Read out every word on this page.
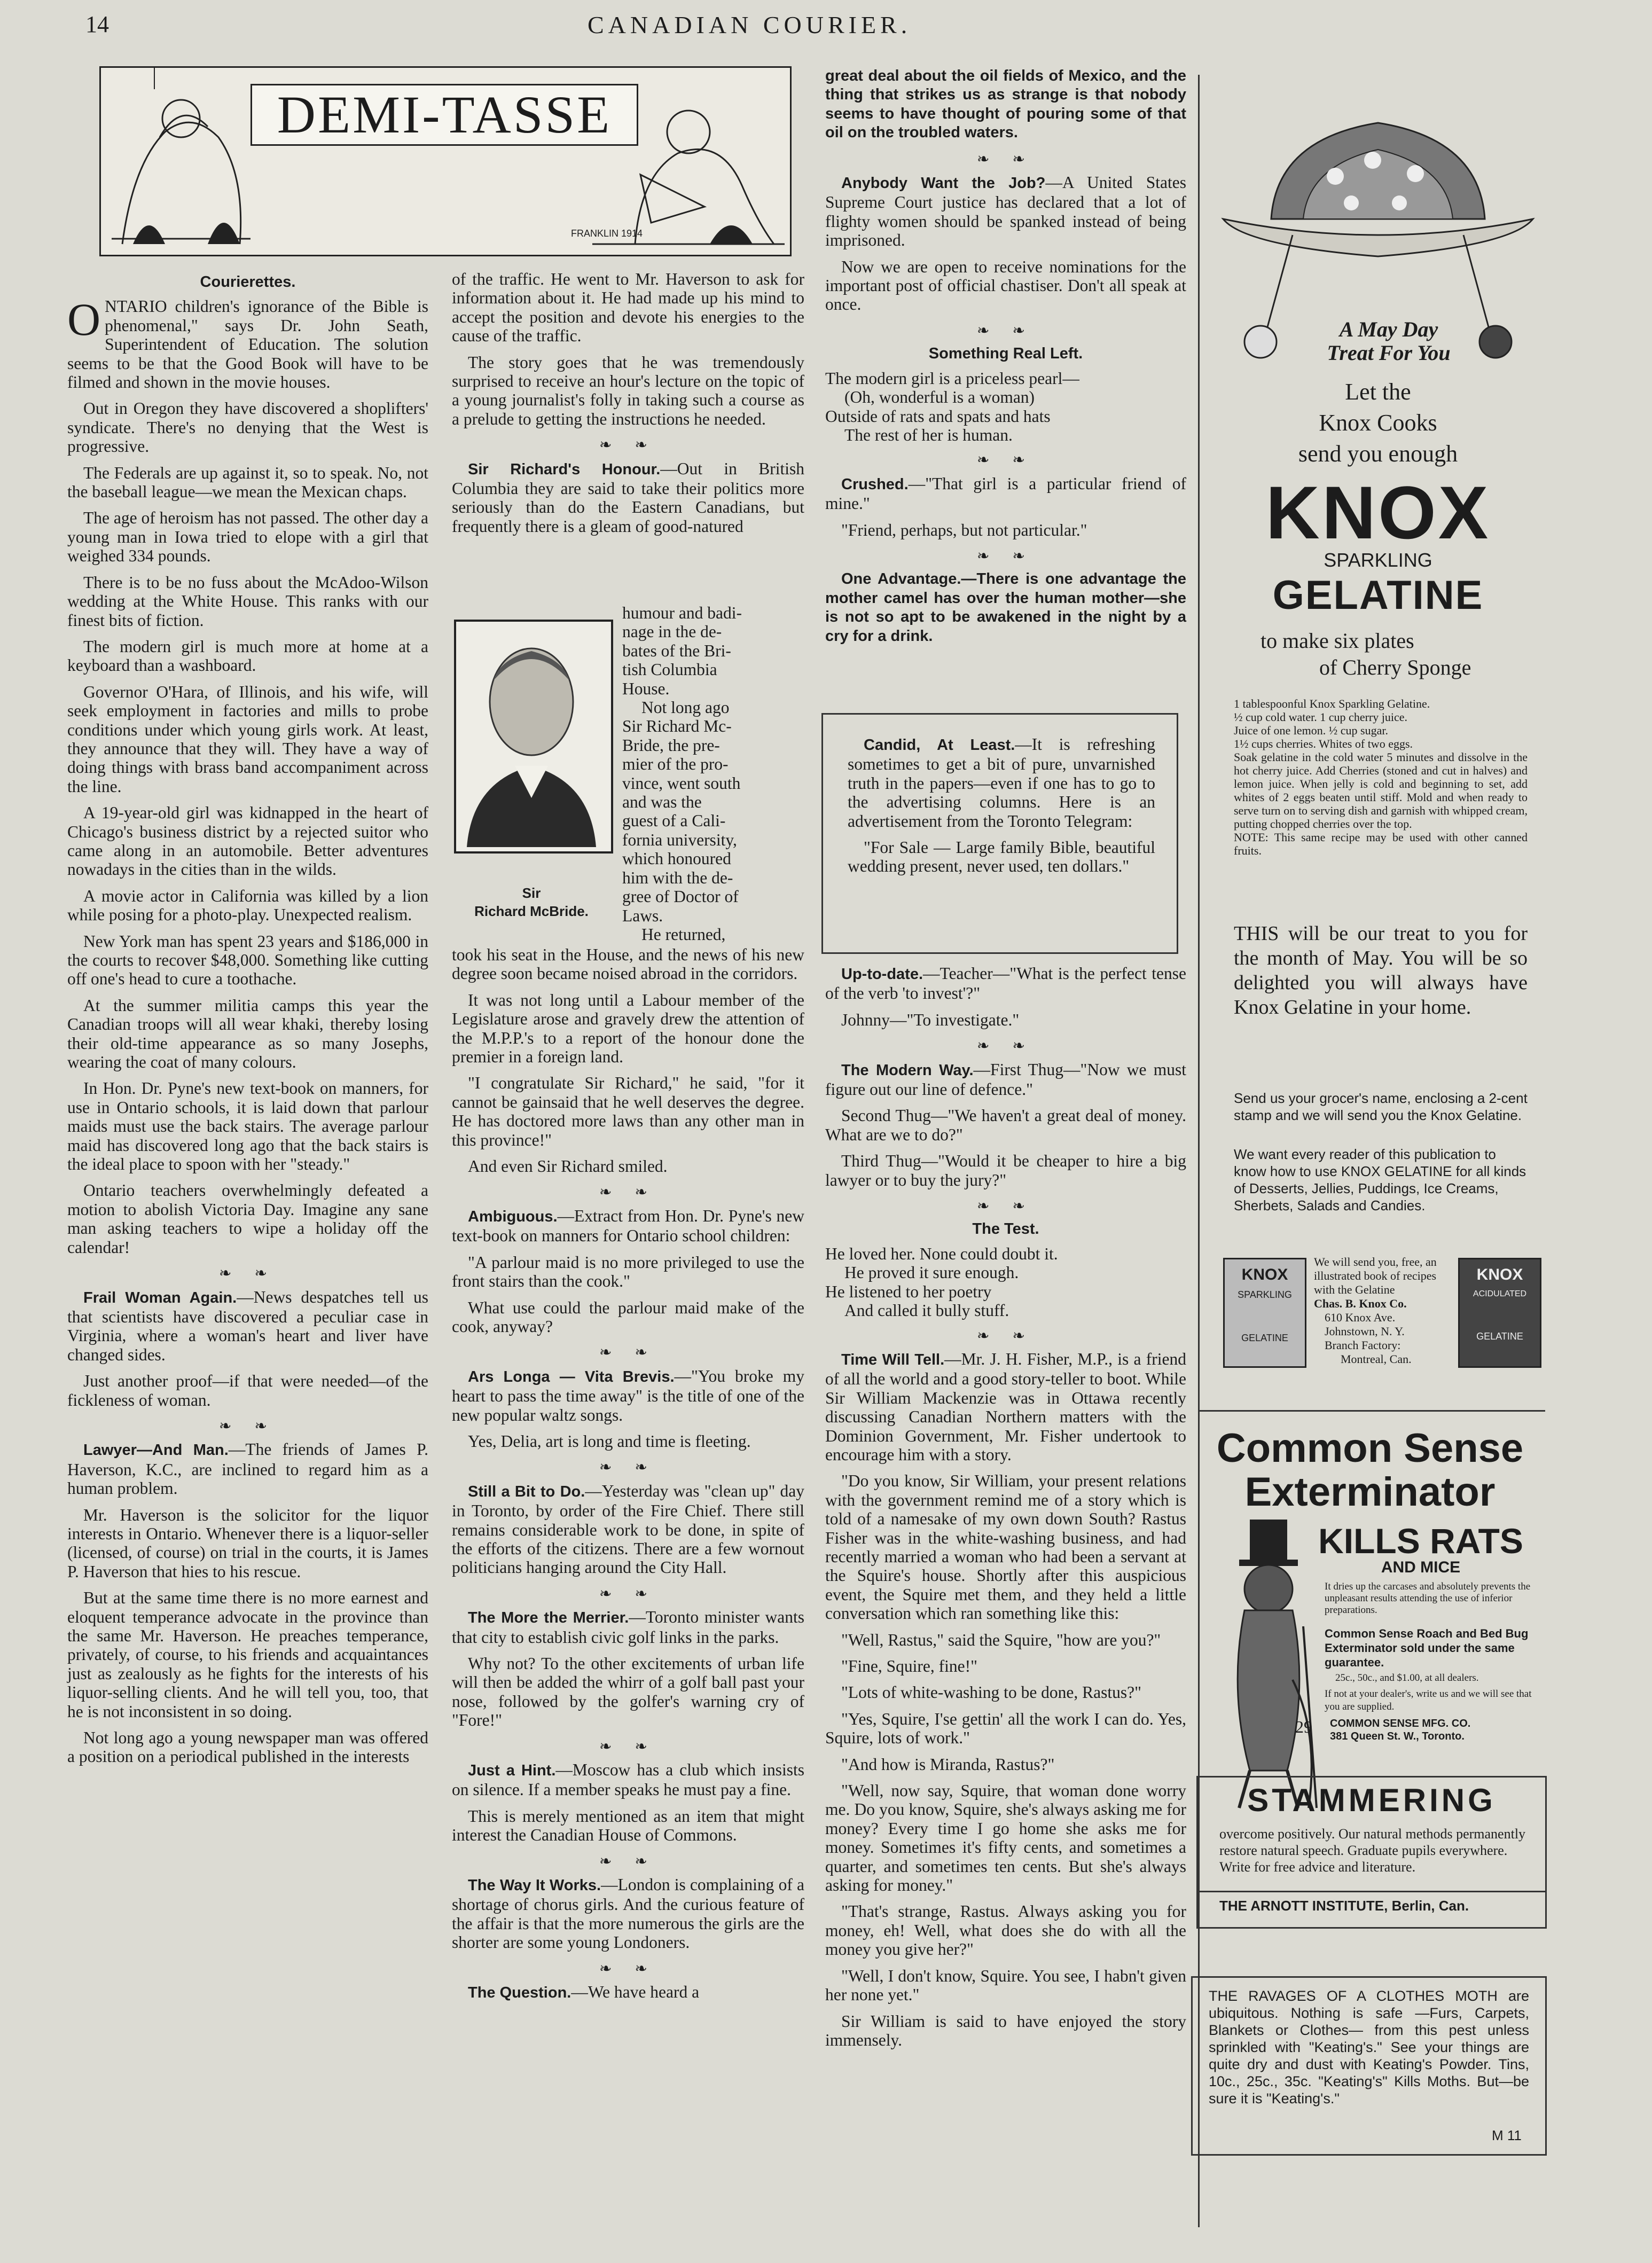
14	CANADIAN COURIER.
DEMI-TASSE
FRANKLIN 1914
Courierettes.

ONTARIO children's ignorance of the Bible is phenomenal," says Dr. John Seath, Superintendent of Education. The solution seems to be that the Good Book will have to be filmed and shown in the movie houses.

Out in Oregon they have discovered a shoplifters' syndicate. There's no denying that the West is progressive.

The Federals are up against it, so to speak. No, not the baseball league—we mean the Mexican chaps.

The age of heroism has not passed. The other day a young man in Iowa tried to elope with a girl that weighed 334 pounds.

There is to be no fuss about the McAdoo-Wilson wedding at the White House. This ranks with our finest bits of fiction.

The modern girl is much more at home at a keyboard than a washboard.

Governor O'Hara, of Illinois, and his wife, will seek employment in factories and mills to probe conditions under which young girls work. At least, they announce that they will. They have a way of doing things with brass band accompaniment across the line.

A 19-year-old girl was kidnapped in the heart of Chicago's business district by a rejected suitor who came along in an automobile. Better adventures nowadays in the cities than in the wilds.

A movie actor in California was killed by a lion while posing for a photo-play. Unexpected realism.

New York man has spent 23 years and $186,000 in the courts to recover $48,000. Something like cutting off one's head to cure a toothache.

At the summer militia camps this year the Canadian troops will all wear khaki, thereby losing their old-time appearance as so many Josephs, wearing the coat of many colours.

In Hon. Dr. Pyne's new text-book on manners, for use in Ontario schools, it is laid down that parlour maids must use the back stairs. The average parlour maid has discovered long ago that the back stairs is the ideal place to spoon with her "steady."

Ontario teachers overwhelmingly defeated a motion to abolish Victoria Day. Imagine any sane man asking teachers to wipe a holiday off the calendar!

❧ ❧

Frail Woman Again.—News despatches tell us that scientists have discovered a peculiar case in Virginia, where a woman's heart and liver have changed sides.

Just another proof—if that were needed—of the fickleness of woman.

❧ ❧

Lawyer—And Man.—The friends of James P. Haverson, K.C., are inclined to regard him as a human problem.

Mr. Haverson is the solicitor for the liquor interests in Ontario. Whenever there is a liquor-seller (licensed, of course) on trial in the courts, it is James P. Haverson that hies to his rescue.

But at the same time there is no more earnest and eloquent temperance advocate in the province than the same Mr. Haverson. He preaches temperance, privately, of course, to his friends and acquaintances just as zealously as he fights for the interests of his liquor-selling clients. And he will tell you, too, that he is not inconsistent in so doing.

Not long ago a young newspaper man was offered a position on a periodical published in the interests

of the traffic. He went to Mr. Haverson to ask for information about it. He had made up his mind to accept the position and devote his energies to the cause of the traffic.

The story goes that he was tremendously surprised to receive an hour's lecture on the topic of a young journalist's folly in taking such a course as a prelude to getting the instructions he needed.

❧ ❧

Sir Richard's Honour.—Out in British Columbia they are said to take their politics more seriously than do the Eastern Canadians, but frequently there is a gleam of good-natured

humour and badi-
nage in the de-
bates of the Bri-
tish Columbia
House.
Not long ago
Sir Richard Mc-
Bride, the pre-
mier of the pro-
vince, went south
and was the
guest of a Cali-
fornia university,
which honoured
him with the de-
gree of Doctor of
Laws.
He returned,
Sir
Richard McBride.

took his seat in the House, and the news of his new degree soon became noised abroad in the corridors.

It was not long until a Labour member of the Legislature arose and gravely drew the attention of the M.P.P.'s to a report of the honour done the premier in a foreign land.

"I congratulate Sir Richard," he said, "for it cannot be gainsaid that he well deserves the degree. He has doctored more laws than any other man in this province!"

And even Sir Richard smiled.

❧ ❧

Ambiguous.—Extract from Hon. Dr. Pyne's new text-book on manners for Ontario school children:

"A parlour maid is no more privileged to use the front stairs than the cook."

What use could the parlour maid make of the cook, anyway?

❧ ❧

Ars Longa — Vita Brevis.—"You broke my heart to pass the time away" is the title of one of the new popular waltz songs.

Yes, Delia, art is long and time is fleeting.

❧ ❧

Still a Bit to Do.—Yesterday was "clean up" day in Toronto, by order of the Fire Chief. There still remains considerable work to be done, in spite of the efforts of the citizens. There are a few wornout politicians hanging around the City Hall.

❧ ❧

The More the Merrier.—Toronto minister wants that city to establish civic golf links in the parks.

Why not? To the other excitements of urban life will then be added the whirr of a golf ball past your nose, followed by the golfer's warning cry of "Fore!"

❧ ❧

Just a Hint.—Moscow has a club which insists on silence. If a member speaks he must pay a fine.

This is merely mentioned as an item that might interest the Canadian House of Commons.

❧ ❧

The Way It Works.—London is complaining of a shortage of chorus girls. And the curious feature of the affair is that the more numerous the girls are the shorter are some young Londoners.

❧ ❧

The Question.—We have heard a

great deal about the oil fields of Mexico, and the thing that strikes us as strange is that nobody seems to have thought of pouring some of that oil on the troubled waters.

❧ ❧

Anybody Want the Job?—A United States Supreme Court justice has declared that a lot of flighty women should be spanked instead of being imprisoned.

Now we are open to receive nominations for the important post of official chastiser. Don't all speak at once.

❧ ❧
Something Real Left.
The modern girl is a priceless pearl—
(Oh, wonderful is a woman)
Outside of rats and spats and hats
The rest of her is human.
❧ ❧

Crushed.—"That girl is a particular friend of mine."

"Friend, perhaps, but not particular."

❧ ❧

One Advantage.—There is one advantage the mother camel has over the human mother—she is not so apt to be awakened in the night by a cry for a drink.

Candid, At Least.—It is refreshing sometimes to get a bit of pure, unvarnished truth in the papers—even if one has to go to the advertising columns. Here is an advertisement from the Toronto Telegram:

"For Sale — Large family Bible, beautiful wedding present, never used, ten dollars."

Up-to-date.—Teacher—"What is the perfect tense of the verb 'to invest'?"

Johnny—"To investigate."

❧ ❧

The Modern Way.—First Thug—"Now we must figure out our line of defence."

Second Thug—"We haven't a great deal of money. What are we to do?"

Third Thug—"Would it be cheaper to hire a big lawyer or to buy the jury?"

❧ ❧
The Test.
He loved her. None could doubt it.
He proved it sure enough.
He listened to her poetry
And called it bully stuff.
❧ ❧

Time Will Tell.—Mr. J. H. Fisher, M.P., is a friend of all the world and a good story-teller to boot. While Sir William Mackenzie was in Ottawa recently discussing Canadian Northern matters with the Dominion Government, Mr. Fisher undertook to encourage him with a story.

"Do you know, Sir William, your present relations with the government remind me of a story which is told of a namesake of my own down South? Rastus Fisher was in the white-washing business, and had recently married a woman who had been a servant at the Squire's house. Shortly after this auspicious event, the Squire met them, and they held a little conversation which ran something like this:

"Well, Rastus," said the Squire, "how are you?"

"Fine, Squire, fine!"

"Lots of white-washing to be done, Rastus?"

"Yes, Squire, I'se gettin' all the work I can do. Yes, Squire, lots of work."

"And how is Miranda, Rastus?"

"Well, now say, Squire, that woman done worry me. Do you know, Squire, she's always asking me for money? Every time I go home she asks me for money. Sometimes it's fifty cents, and sometimes a quarter, and sometimes ten cents. But she's always asking for money."

"That's strange, Rastus. Always asking you for money, eh! Well, what does she do with all the money you give her?"

"Well, I don't know, Squire. You see, I habn't given her none yet."

Sir William is said to have enjoyed the story immensely.

A May Day
Treat For You
Let the
Knox Cooks
send you enough
KNOX
SPARKLING
GELATINE
to make six plates
of Cherry Sponge
1 tablespoonful Knox Sparkling Gelatine.
½ cup cold water. 1 cup cherry juice.
Juice of one lemon. ½ cup sugar.
1½ cups cherries. Whites of two eggs.
Soak gelatine in the cold water 5 minutes and dissolve in the hot cherry juice. Add Cherries (stoned and cut in halves) and lemon juice. When jelly is cold and beginning to set, add whites of 2 eggs beaten until stiff. Mold and when ready to serve turn on to serving dish and garnish with whipped cream, putting chopped cherries over the top.
NOTE: This same recipe may be used with other canned fruits.
THIS will be our treat to you for the month of May. You will be so delighted you will always have Knox Gelatine in your home.
Send us your grocer's name, enclosing a 2-cent stamp and we will send you the Knox Gelatine.
We want every reader of this publication to know how to use KNOX GELATINE for all kinds of Desserts, Jellies, Puddings, Ice Creams, Sherbets, Salads and Candies.
KNOX
SPARKLING
GELATINE
We will send you, free, an illustrated book of recipes with the Gelatine
Chas. B. Knox Co.
610 Knox Ave.
Johnstown, N. Y.
Branch Factory:
Montreal, Can.
KNOX
ACIDULATED
GELATINE
Common Sense
Exterminator
KILLS RATS
AND MICE
It dries up the carcases and absolutely prevents the unpleasant results attending the use of inferior preparations.
Common Sense Roach and Bed Bug Exterminator sold under the same guarantee.
25c., 50c., and $1.00, at all dealers.
If not at your dealer's, write us and we will see that you are supplied.
29 COMMON SENSE MFG. CO.
381 Queen St. W., Toronto.
STAMMERING
overcome positively. Our natural methods permanently restore natural speech. Graduate pupils everywhere. Write for free advice and literature.
THE ARNOTT INSTITUTE, Berlin, Can.
THE RAVAGES OF A CLOTHES MOTH are ubiquitous. Nothing is safe —Furs, Carpets, Blankets or Clothes— from this pest unless sprinkled with "Keating's." See your things are quite dry and dust with Keating's Powder. Tins, 10c., 25c., 35c. "Keating's" Kills Moths. But—be sure it is "Keating's."
M 11
